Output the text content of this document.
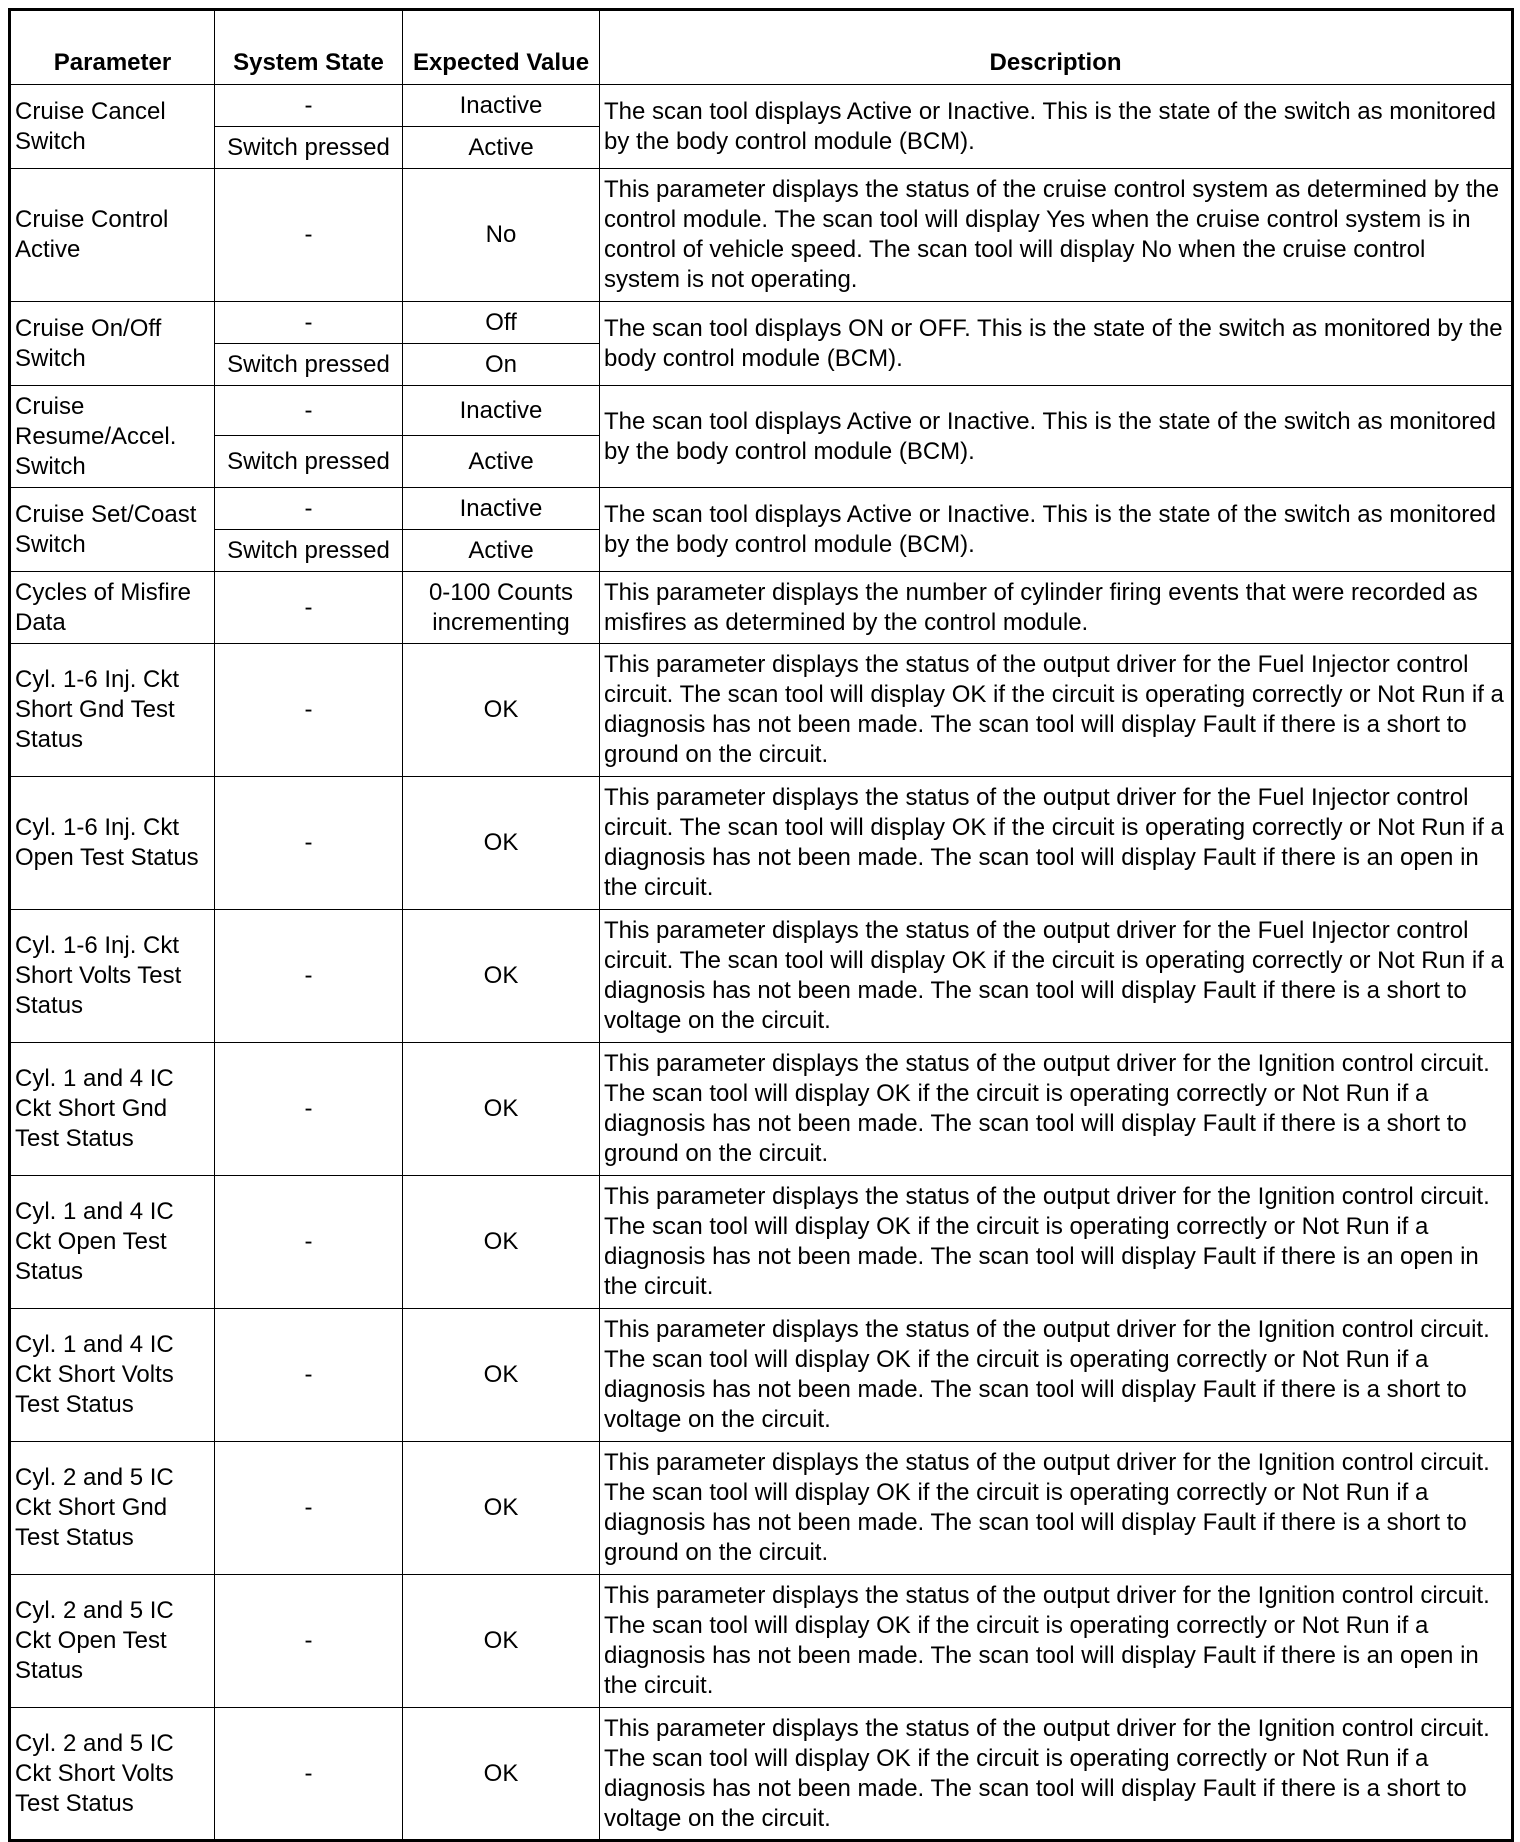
Parameter	System State	Expected Value	Description
Cruise Cancel Switch	-	Inactive	The scan tool displays Active or Inactive. This is the state of the switch as monitored by the body control module (BCM).
	Switch pressed	Active	
Cruise Control Active	-	No	This parameter displays the status of the cruise control system as determined by the control module. The scan tool will display Yes when the cruise control system is in control of vehicle speed. The scan tool will display No when the cruise control system is not operating.
Cruise On/Off Switch	-	Off	The scan tool displays ON or OFF. This is the state of the switch as monitored by the body control module (BCM).
	Switch pressed	On	
Cruise Resume/Accel. Switch	-	Inactive	The scan tool displays Active or Inactive. This is the state of the switch as monitored by the body control module (BCM).
	Switch pressed	Active	
Cruise Set/Coast Switch	-	Inactive	The scan tool displays Active or Inactive. This is the state of the switch as monitored by the body control module (BCM).
	Switch pressed	Active	
Cycles of Misfire Data	-	0-100 Counts incrementing	This parameter displays the number of cylinder firing events that were recorded as misfires as determined by the control module.
Cyl. 1-6 Inj. Ckt Short Gnd Test Status	-	OK	This parameter displays the status of the output driver for the Fuel Injector control circuit. The scan tool will display OK if the circuit is operating correctly or Not Run if a diagnosis has not been made. The scan tool will display Fault if there is a short to ground on the circuit.
Cyl. 1-6 Inj. Ckt Open Test Status	-	OK	This parameter displays the status of the output driver for the Fuel Injector control circuit. The scan tool will display OK if the circuit is operating correctly or Not Run if a diagnosis has not been made. The scan tool will display Fault if there is an open in the circuit.
Cyl. 1-6 Inj. Ckt Short Volts Test Status	-	OK	This parameter displays the status of the output driver for the Fuel Injector control circuit. The scan tool will display OK if the circuit is operating correctly or Not Run if a diagnosis has not been made. The scan tool will display Fault if there is a short to voltage on the circuit.
Cyl. 1 and 4 IC Ckt Short Gnd Test Status	-	OK	This parameter displays the status of the output driver for the Ignition control circuit. The scan tool will display OK if the circuit is operating correctly or Not Run if a diagnosis has not been made. The scan tool will display Fault if there is a short to ground on the circuit.
Cyl. 1 and 4 IC Ckt Open Test Status	-	OK	This parameter displays the status of the output driver for the Ignition control circuit. The scan tool will display OK if the circuit is operating correctly or Not Run if a diagnosis has not been made. The scan tool will display Fault if there is an open in the circuit.
Cyl. 1 and 4 IC Ckt Short Volts Test Status	-	OK	This parameter displays the status of the output driver for the Ignition control circuit. The scan tool will display OK if the circuit is operating correctly or Not Run if a diagnosis has not been made. The scan tool will display Fault if there is a short to voltage on the circuit.
Cyl. 2 and 5 IC Ckt Short Gnd Test Status	-	OK	This parameter displays the status of the output driver for the Ignition control circuit. The scan tool will display OK if the circuit is operating correctly or Not Run if a diagnosis has not been made. The scan tool will display Fault if there is a short to ground on the circuit.
Cyl. 2 and 5 IC Ckt Open Test Status	-	OK	This parameter displays the status of the output driver for the Ignition control circuit. The scan tool will display OK if the circuit is operating correctly or Not Run if a diagnosis has not been made. The scan tool will display Fault if there is an open in the circuit.
Cyl. 2 and 5 IC Ckt Short Volts Test Status	-	OK	This parameter displays the status of the output driver for the Ignition control circuit. The scan tool will display OK if the circuit is operating correctly or Not Run if a diagnosis has not been made. The scan tool will display Fault if there is a short to voltage on the circuit.
